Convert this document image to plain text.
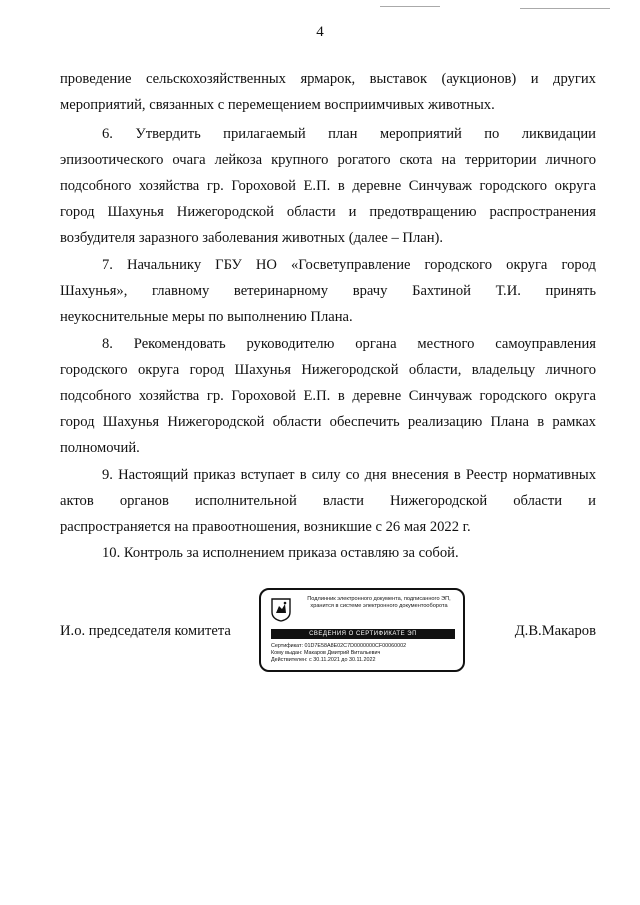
4
проведение сельскохозяйственных ярмарок, выставок (аукционов) и других
мероприятий, связанных с перемещением восприимчивых животных.
6. Утвердить прилагаемый план мероприятий по ликвидации
эпизоотического очага лейкоза крупного рогатого скота на территории личного
подсобного хозяйства гр. Гороховой Е.П. в деревне Синчуваж городского округа
город Шахунья Нижегородской области и предотвращению распространения
возбудителя заразного заболевания животных (далее – План).
7. Начальнику ГБУ НО «Госветуправление городского округа город
Шахунья», главному ветеринарному врачу Бахтиной Т.И. принять
неукоснительные меры по выполнению Плана.
8. Рекомендовать руководителю органа местного самоуправления
городского округа город Шахунья Нижегородской области, владельцу личного
подсобного хозяйства гр. Гороховой Е.П. в деревне Синчуваж городского округа
город Шахунья Нижегородской области обеспечить реализацию Плана в рамках
полномочий.
9. Настоящий приказ вступает в силу со дня внесения в Реестр нормативных
актов органов исполнительной власти Нижегородской области и
распространяется на правоотношения, возникшие с 26 мая 2022 г.
10. Контроль за исполнением приказа оставляю за собой.
И.о. председателя комитета	Д.В.Макаров
Подлинник электронного документа, подписанного ЭП, хранится в системе электронного документооборота
СВЕДЕНИЯ О СЕРТИФИКАТЕ ЭП
Сертификат: 01D7E58A8E02C7D0000000CF00060002
Кому выдан: Макаров Дмитрий Витальевич
Действителен: с 30.11.2021 до 30.11.2022
